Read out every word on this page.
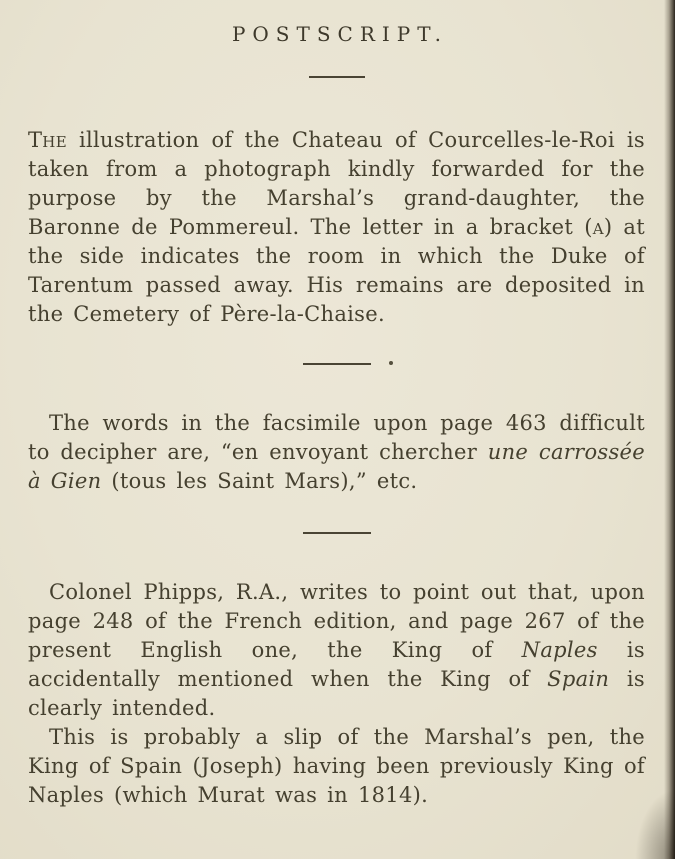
POSTSCRIPT.

The illustration of the Chateau of Courcelles-le-Roi is taken from a photograph kindly forwarded for the purpose by the Marshal’s grand-daughter, the Baronne de Pommereul. The letter in a bracket (a) at the side indicates the room in which the Duke of Tarentum passed away. His remains are deposited in the Cemetery of Père-la-Chaise.

The words in the facsimile upon page 463 difficult to decipher are, “en envoyant chercher une carrossée à Gien (tous les Saint Mars),” etc.

Colonel Phipps, R.A., writes to point out that, upon page 248 of the French edition, and page 267 of the present English one, the King of Naples is accidentally mentioned when the King of Spain is clearly intended.

This is probably a slip of the Marshal’s pen, the King of Spain (Joseph) having been previously King of Naples (which Murat was in 1814).
